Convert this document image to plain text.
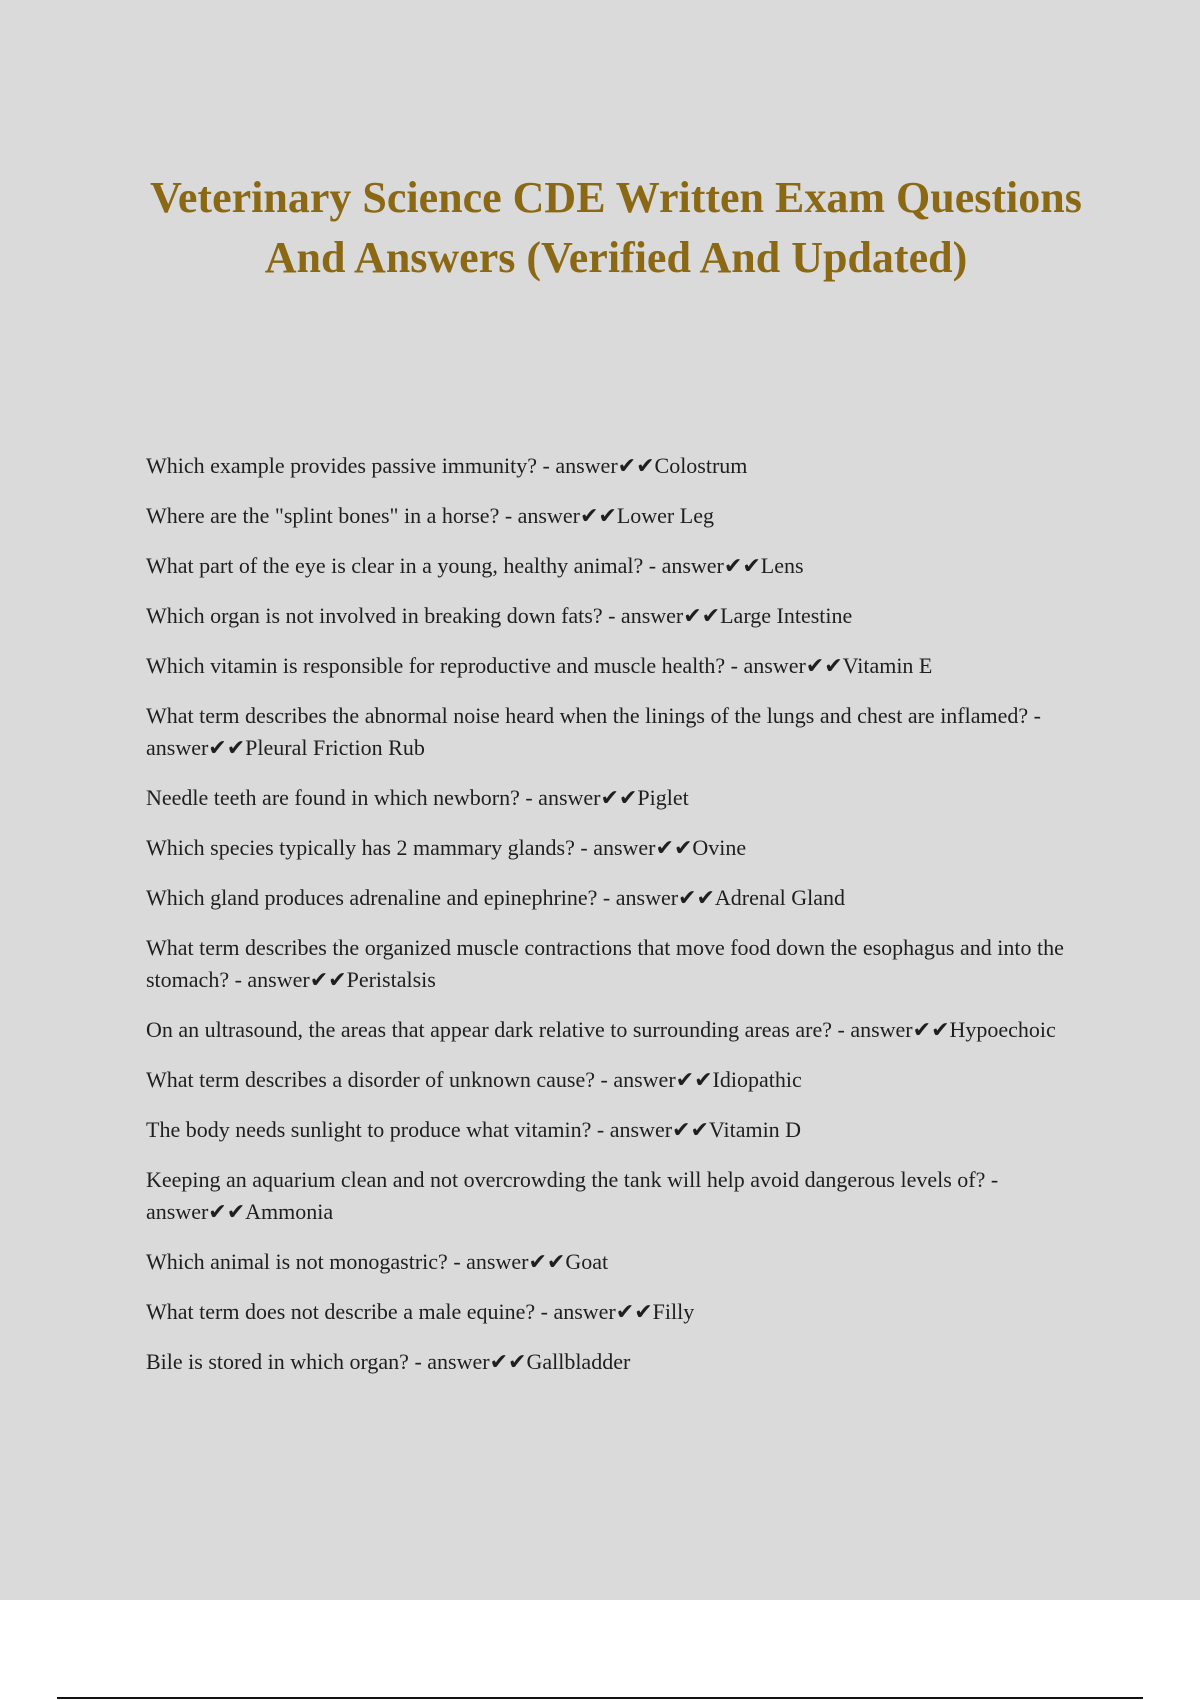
Veterinary Science CDE Written Exam Questions And Answers (Verified And Updated)
Which example provides passive immunity? - answer✔✔Colostrum
Where are the "splint bones" in a horse? - answer✔✔Lower Leg
What part of the eye is clear in a young, healthy animal? - answer✔✔Lens
Which organ is not involved in breaking down fats? - answer✔✔Large Intestine
Which vitamin is responsible for reproductive and muscle health? - answer✔✔Vitamin E
What term describes the abnormal noise heard when the linings of the lungs and chest are inflamed? - answer✔✔Pleural Friction Rub
Needle teeth are found in which newborn? - answer✔✔Piglet
Which species typically has 2 mammary glands? - answer✔✔Ovine
Which gland produces adrenaline and epinephrine? - answer✔✔Adrenal Gland
What term describes the organized muscle contractions that move food down the esophagus and into the stomach? - answer✔✔Peristalsis
On an ultrasound, the areas that appear dark relative to surrounding areas are? - answer✔✔Hypoechoic
What term describes a disorder of unknown cause? - answer✔✔Idiopathic
The body needs sunlight to produce what vitamin? - answer✔✔Vitamin D
Keeping an aquarium clean and not overcrowding the tank will help avoid dangerous levels of? - answer✔✔Ammonia
Which animal is not monogastric? - answer✔✔Goat
What term does not describe a male equine? - answer✔✔Filly
Bile is stored in which organ? - answer✔✔Gallbladder
